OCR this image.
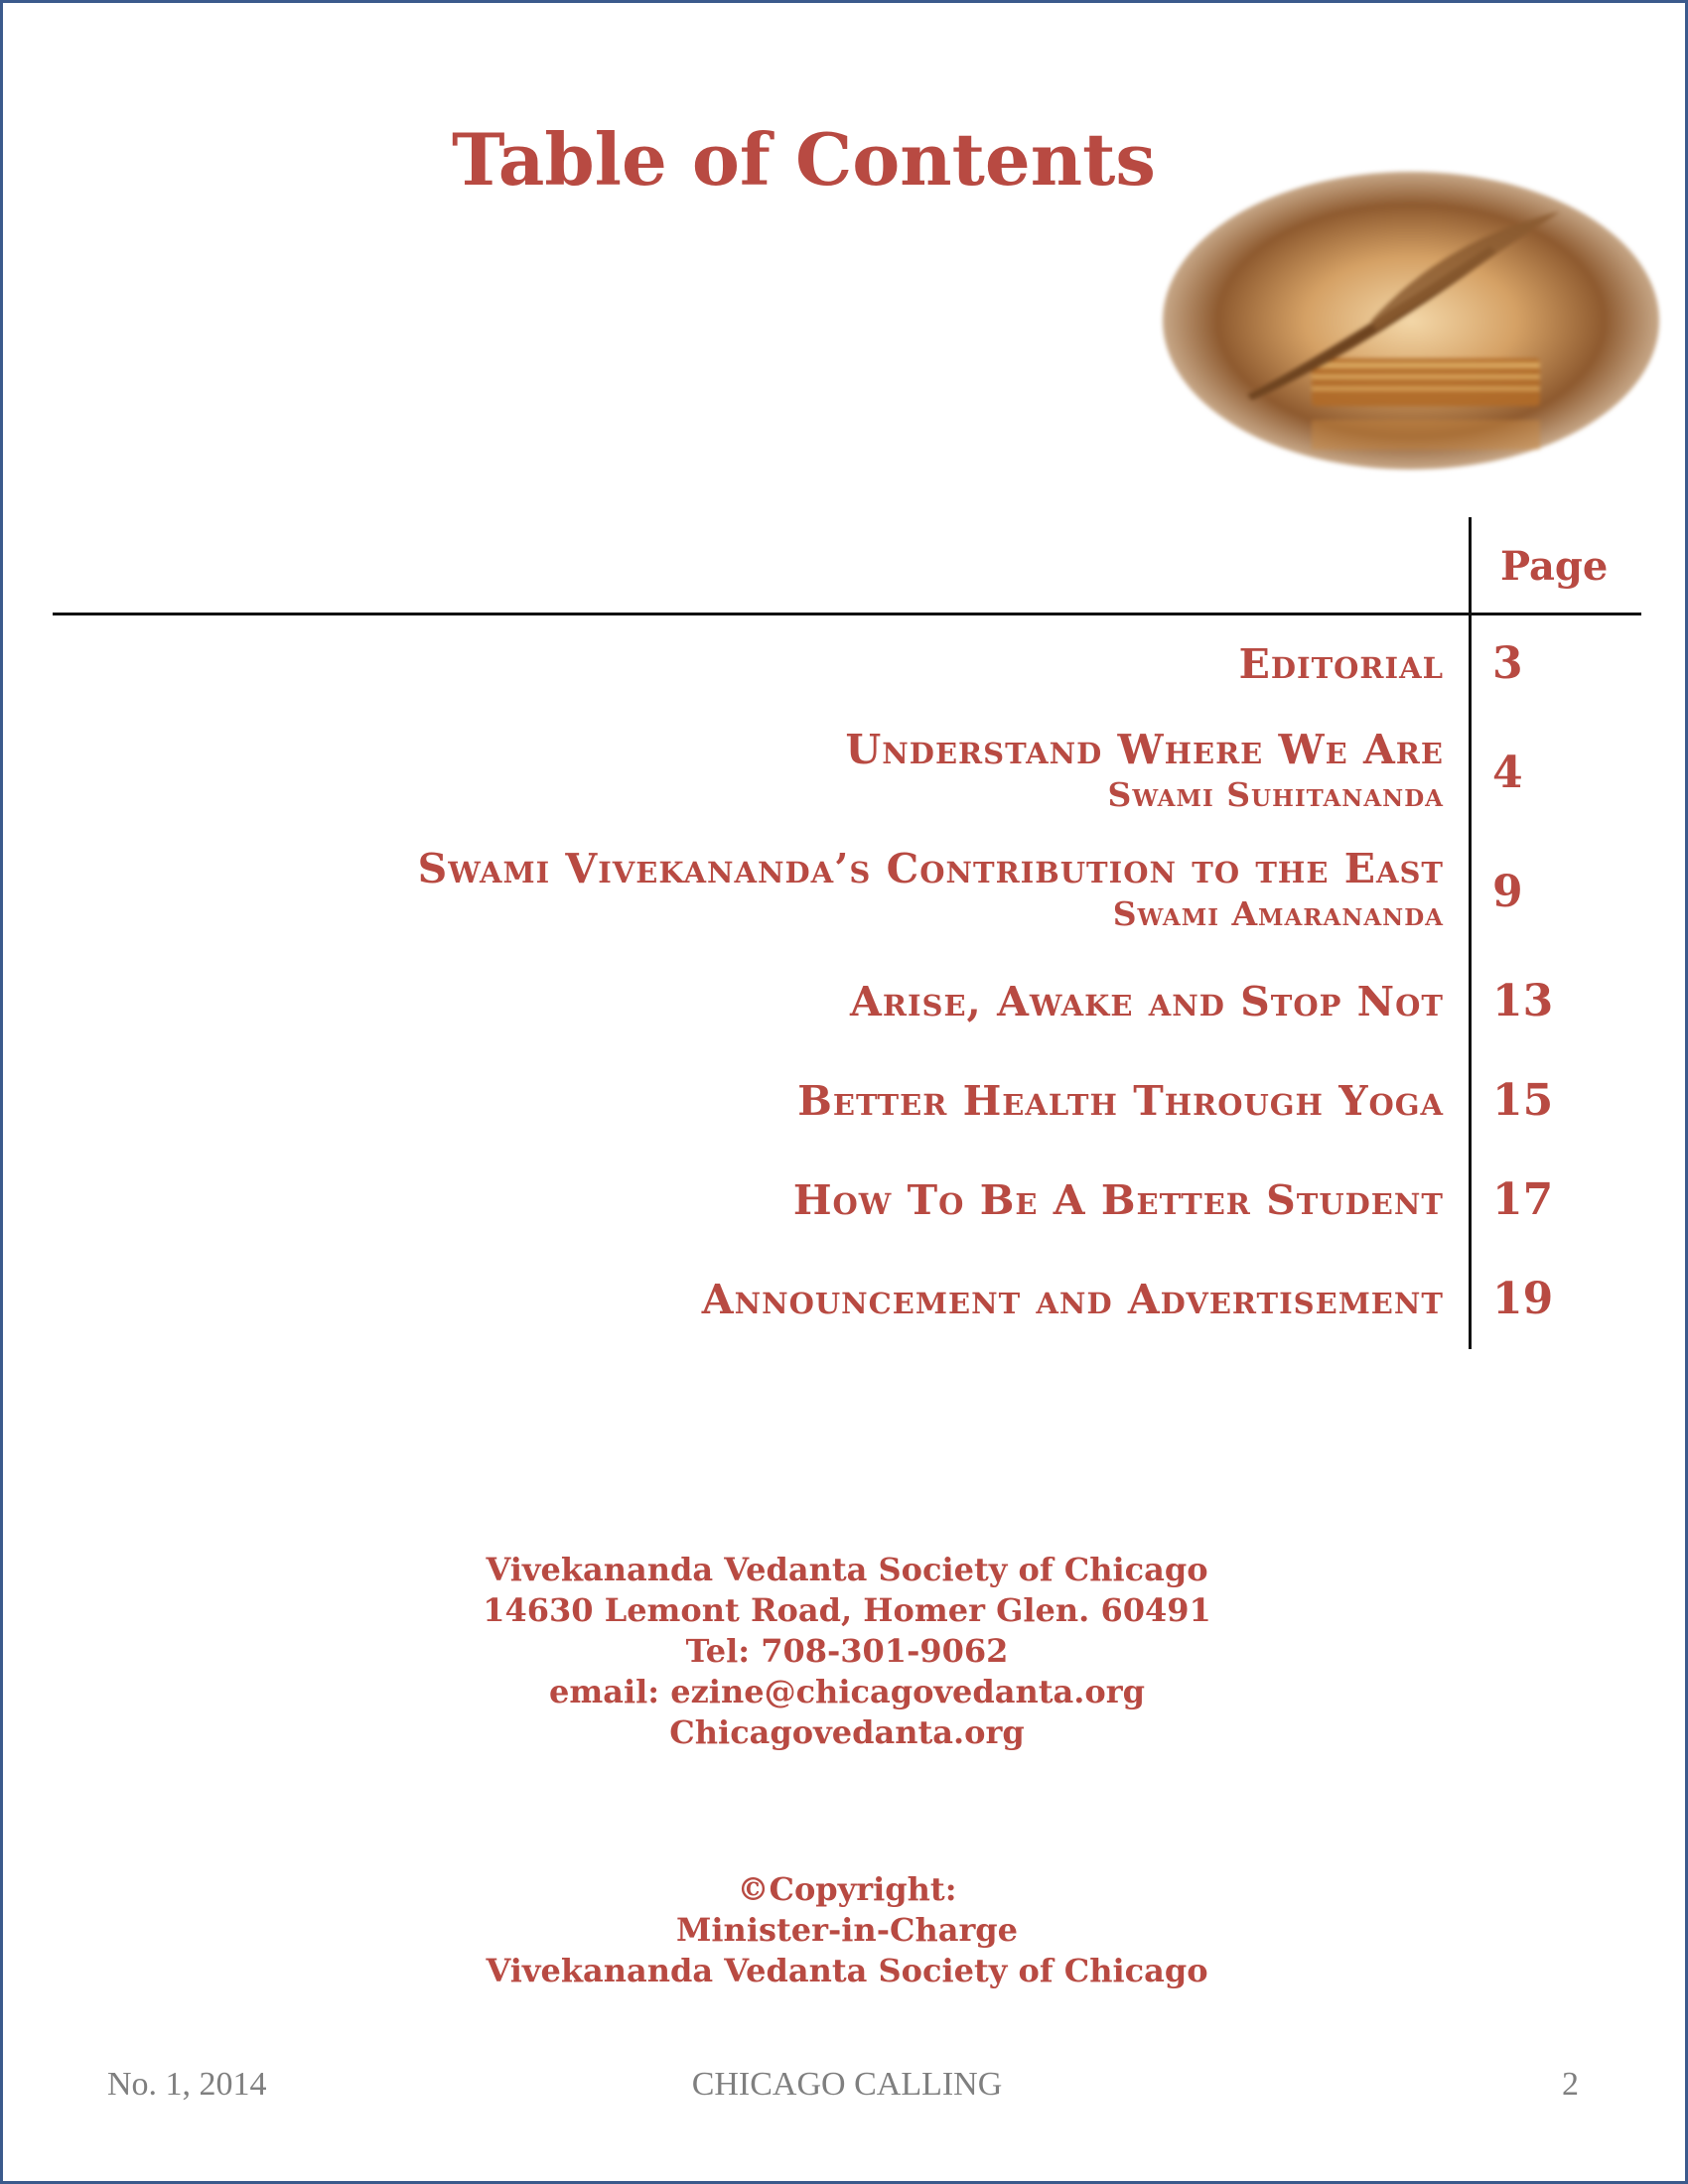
Table of Contents
Page
Editorial 3
Understand Where We Are
Swami Suhitananda 4
Swami Vivekananda’s Contribution to the East
Swami Amarananda 9
Arise, Awake and Stop Not 13
Better Health Through Yoga 15
How To Be A Better Student 17
Announcement and Advertisement 19
Vivekananda Vedanta Society of Chicago
14630 Lemont Road, Homer Glen. 60491
Tel: 708-301-9062
email: ezine@chicagovedanta.org
Chicagovedanta.org
©Copyright:
Minister-in-Charge
Vivekananda Vedanta Society of Chicago
No. 1, 2014	CHICAGO CALLING	2
